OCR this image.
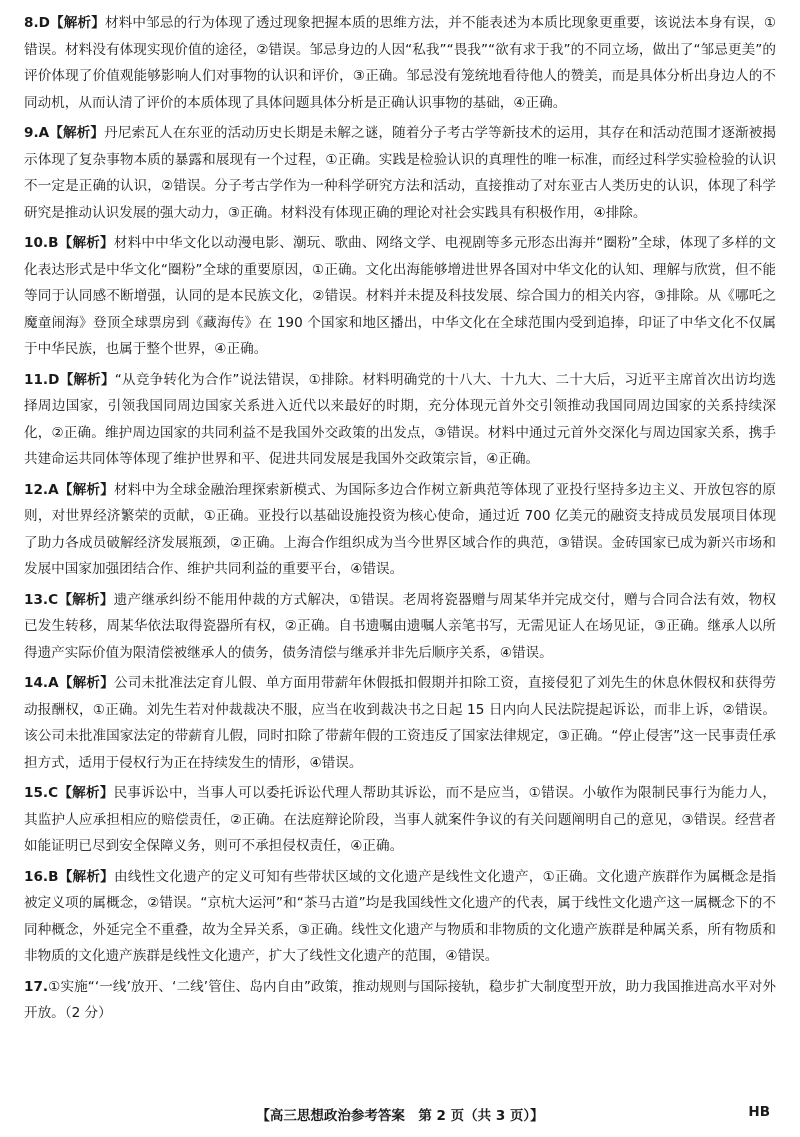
8.D【解析】材料中邹忌的行为体现了透过现象把握本质的思维方法，并不能表述为本质比现象更重要，该说法本身有误，①错误。材料没有体现实现价值的途径，②错误。邹忌身边的人因“私我”“畏我”“欲有求于我”的不同立场，做出了“邹忌更美”的评价体现了价值观能够影响人们对事物的认识和评价，③正确。邹忌没有笼统地看待他人的赞美，而是具体分析出身边人的不同动机，从而认清了评价的本质体现了具体问题具体分析是正确认识事物的基础，④正确。

9.A【解析】丹尼索瓦人在东亚的活动历史长期是未解之谜，随着分子考古学等新技术的运用，其存在和活动范围才逐渐被揭示体现了复杂事物本质的暴露和展现有一个过程，①正确。实践是检验认识的真理性的唯一标准，而经过科学实验检验的认识不一定是正确的认识，②错误。分子考古学作为一种科学研究方法和活动，直接推动了对东亚古人类历史的认识，体现了科学研究是推动认识发展的强大动力，③正确。材料没有体现正确的理论对社会实践具有积极作用，④排除。

10.B【解析】材料中中华文化以动漫电影、潮玩、歌曲、网络文学、电视剧等多元形态出海并“圈粉”全球，体现了多样的文化表达形式是中华文化“圈粉”全球的重要原因，①正确。文化出海能够增进世界各国对中华文化的认知、理解与欣赏，但不能等同于认同感不断增强，认同的是本民族文化，②错误。材料并未提及科技发展、综合国力的相关内容，③排除。从《哪吒之魔童闹海》登顶全球票房到《藏海传》在 190 个国家和地区播出，中华文化在全球范围内受到追捧，印证了中华文化不仅属于中华民族，也属于整个世界，④正确。

11.D【解析】“从竞争转化为合作”说法错误，①排除。材料明确党的十八大、十九大、二十大后，习近平主席首次出访均选择周边国家，引领我国同周边国家关系进入近代以来最好的时期，充分体现元首外交引领推动我国同周边国家的关系持续深化，②正确。维护周边国家的共同利益不是我国外交政策的出发点，③错误。材料中通过元首外交深化与周边国家关系，携手共建命运共同体等体现了维护世界和平、促进共同发展是我国外交政策宗旨，④正确。

12.A【解析】材料中为全球金融治理探索新模式、为国际多边合作树立新典范等体现了亚投行坚持多边主义、开放包容的原则，对世界经济繁荣的贡献，①正确。亚投行以基础设施投资为核心使命，通过近 700 亿美元的融资支持成员发展项目体现了助力各成员破解经济发展瓶颈，②正确。上海合作组织成为当今世界区域合作的典范，③错误。金砖国家已成为新兴市场和发展中国家加强团结合作、维护共同利益的重要平台，④错误。

13.C【解析】遗产继承纠纷不能用仲裁的方式解决，①错误。老周将瓷器赠与周某华并完成交付，赠与合同合法有效，物权已发生转移，周某华依法取得瓷器所有权，②正确。自书遗嘱由遗嘱人亲笔书写，无需见证人在场见证，③正确。继承人以所得遗产实际价值为限清偿被继承人的债务，债务清偿与继承并非先后顺序关系，④错误。

14.A【解析】公司未批准法定育儿假、单方面用带薪年休假抵扣假期并扣除工资，直接侵犯了刘先生的休息休假权和获得劳动报酬权，①正确。刘先生若对仲裁裁决不服，应当在收到裁决书之日起 15 日内向人民法院提起诉讼，而非上诉，②错误。该公司未批准国家法定的带薪育儿假，同时扣除了带薪年假的工资违反了国家法律规定，③正确。“停止侵害”这一民事责任承担方式，适用于侵权行为正在持续发生的情形，④错误。

15.C【解析】民事诉讼中，当事人可以委托诉讼代理人帮助其诉讼，而不是应当，①错误。小敏作为限制民事行为能力人，其监护人应承担相应的赔偿责任，②正确。在法庭辩论阶段，当事人就案件争议的有关问题阐明自己的意见，③错误。经营者如能证明已尽到安全保障义务，则可不承担侵权责任，④正确。

16.B【解析】由线性文化遗产的定义可知有些带状区域的文化遗产是线性文化遗产，①正确。文化遗产族群作为属概念是指被定义项的属概念，②错误。“京杭大运河”和“茶马古道”均是我国线性文化遗产的代表，属于线性文化遗产这一属概念下的不同种概念，外延完全不重叠，故为全异关系，③正确。线性文化遗产与物质和非物质的文化遗产族群是种属关系，所有物质和非物质的文化遗产族群是线性文化遗产，扩大了线性文化遗产的范围，④错误。

17.①实施“‘一线’放开、‘二线’管住、岛内自由”政策，推动规则与国际接轨，稳步扩大制度型开放，助力我国推进高水平对外开放。（2 分）

【高三思想政治参考答案　第 2 页（共 3 页）】	HB
